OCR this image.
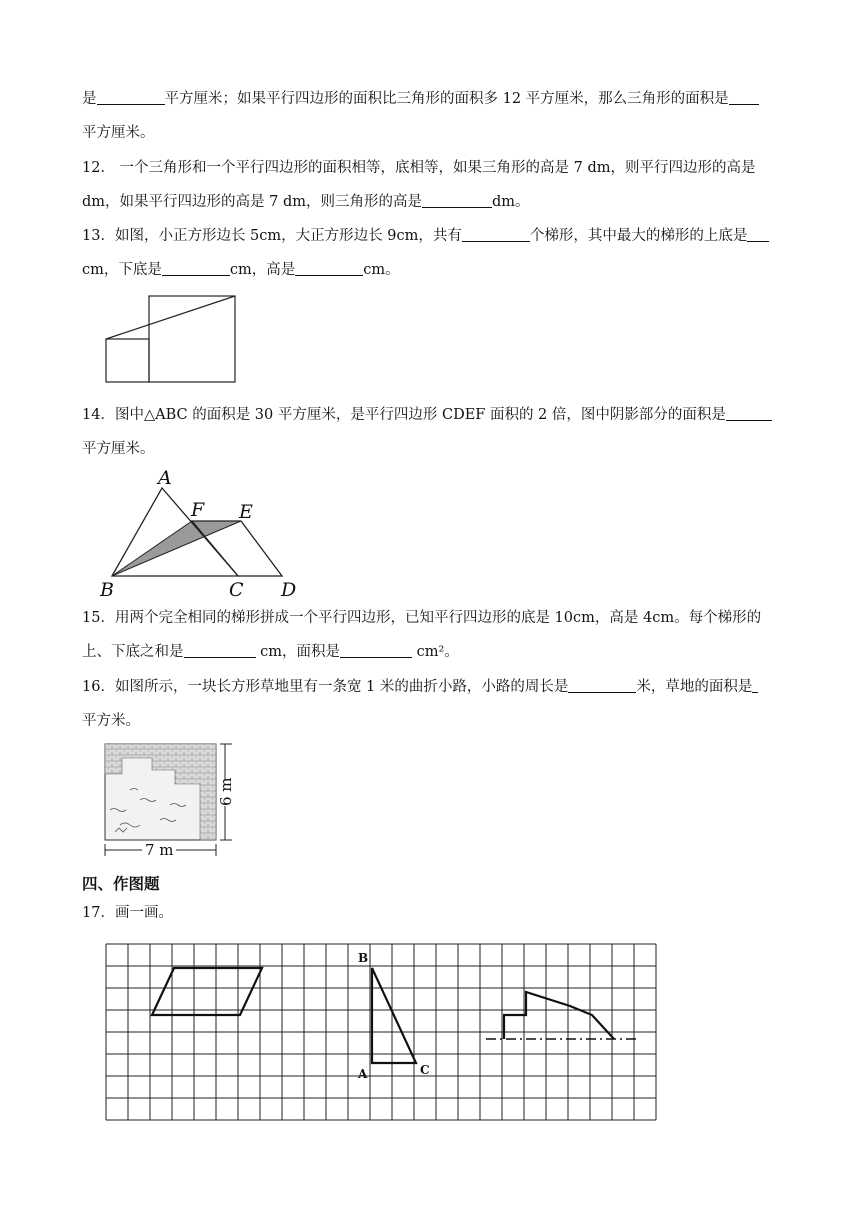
是	平方厘米；如果平行四边形的面积比三角形的面积多 12 平方厘米，那么三角形的面积是
平方厘米。
12． 一个三角形和一个平行四边形的面积相等，底相等，如果三角形的高是 7 dm，则平行四边形的高是
dm，如果平行四边形的高是 7 dm，则三角形的高是	dm。
13．如图，小正方形边长 5cm，大正方形边长 9cm，共有	个梯形，其中最大的梯形的上底是
cm，下底是	cm，高是	cm。
14．图中△ABC 的面积是 30 平方厘米，是平行四边形 CDEF 面积的 2 倍，图中阴影部分的面积是
平方厘米。
A
F E
B	C D
15．用两个完全相同的梯形拼成一个平行四边形，已知平行四边形的底是 10cm，高是 4cm。每个梯形的
上、下底之和是	cm，面积是	cm²。
16．如图所示，一块长方形草地里有一条宽 1 米的曲折小路，小路的周长是	米，草地的面积是
平方米。
6 m
7 m
四、作图题
17．画一画。
B
A	C
